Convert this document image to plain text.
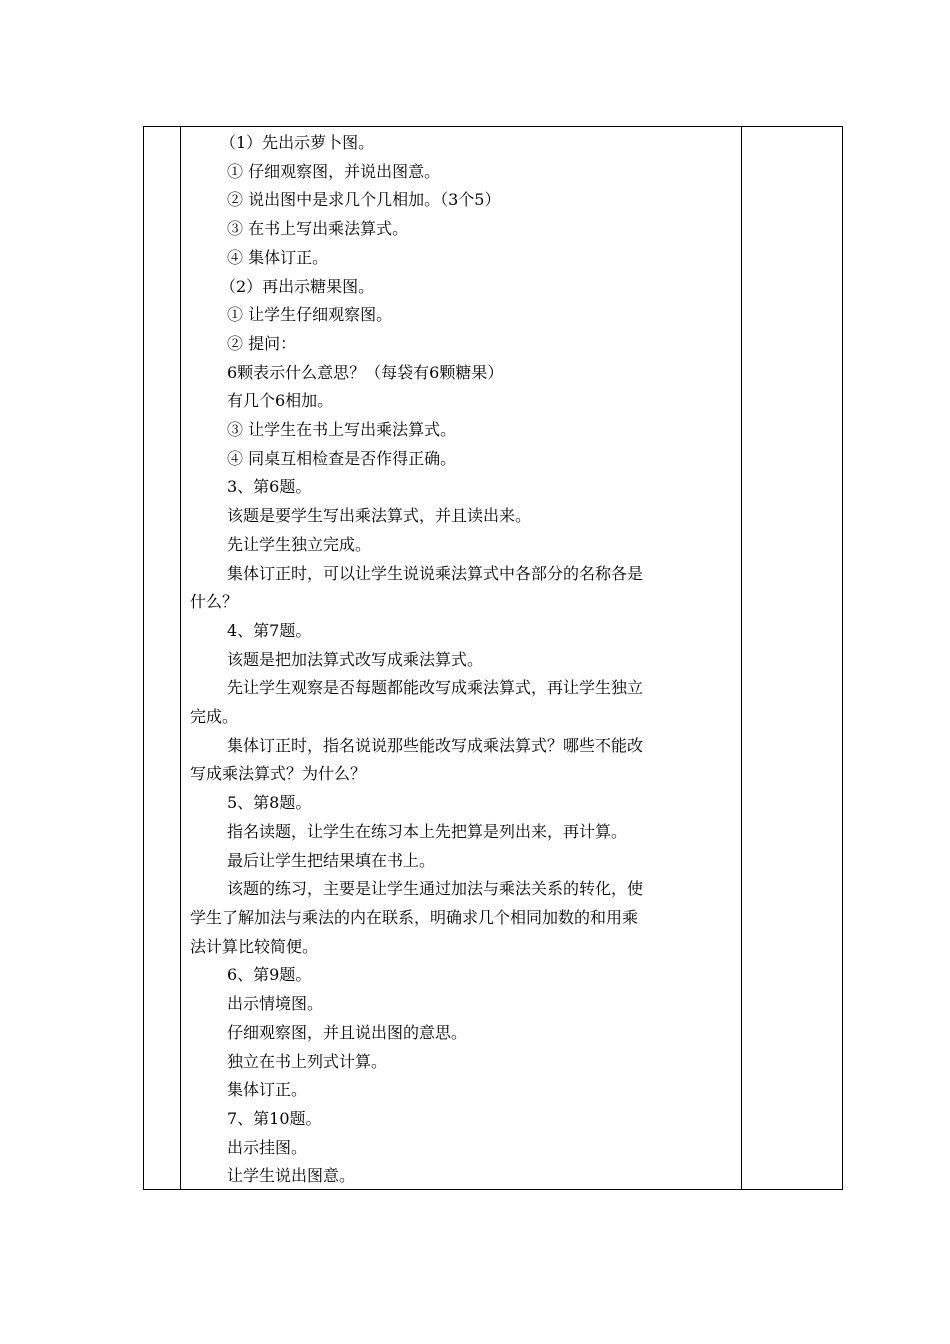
（1）先出示萝卜图。
① 仔细观察图，并说出图意。
② 说出图中是求几个几相加。（3个5）
③ 在书上写出乘法算式。
④ 集体订正。
（2）再出示糖果图。
① 让学生仔细观察图。
② 提问：
6颗表示什么意思？（每袋有6颗糖果）
有几个6相加。
③ 让学生在书上写出乘法算式。
④ 同桌互相检查是否作得正确。
3、第6题。
该题是要学生写出乘法算式，并且读出来。
先让学生独立完成。
集体订正时，可以让学生说说乘法算式中各部分的名称各是
什么？
4、第7题。
该题是把加法算式改写成乘法算式。
先让学生观察是否每题都能改写成乘法算式，再让学生独立
完成。
集体订正时，指名说说那些能改写成乘法算式？哪些不能改
写成乘法算式？为什么？
5、第8题。
指名读题，让学生在练习本上先把算是列出来，再计算。
最后让学生把结果填在书上。
该题的练习，主要是让学生通过加法与乘法关系的转化，使
学生了解加法与乘法的内在联系，明确求几个相同加数的和用乘
法计算比较简便。
6、第9题。
出示情境图。
仔细观察图，并且说出图的意思。
独立在书上列式计算。
集体订正。
7、第10题。
出示挂图。
让学生说出图意。
